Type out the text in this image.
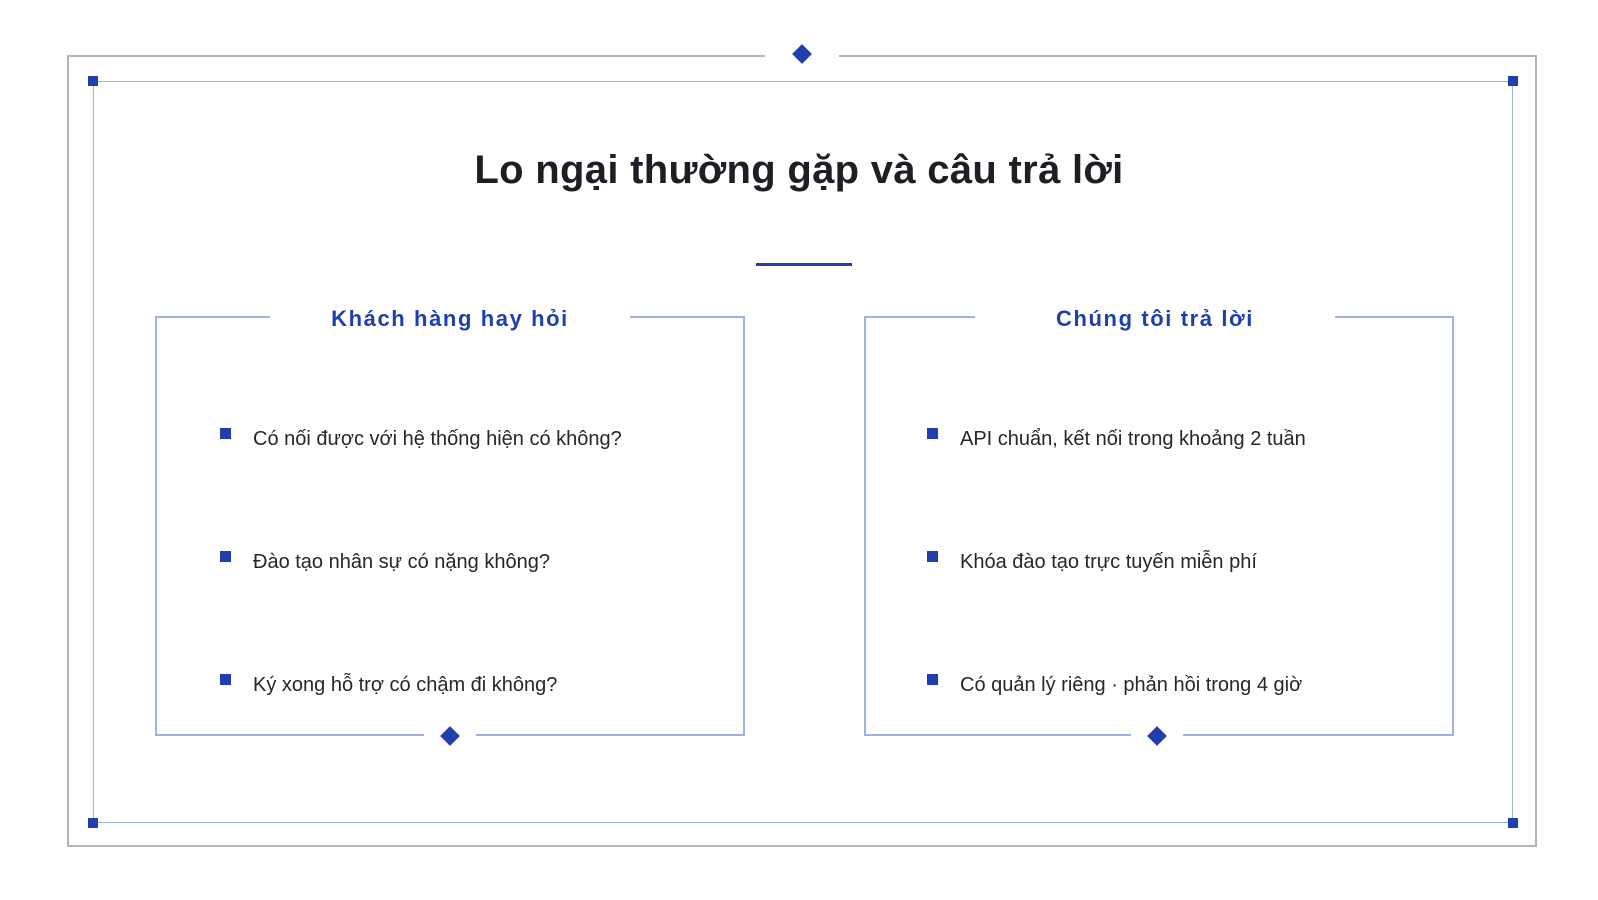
Lo ngại thường gặp và câu trả lời
Khách hàng hay hỏi
Có nối được với hệ thống hiện có không?
Đào tạo nhân sự có nặng không?
Ký xong hỗ trợ có chậm đi không?
Chúng tôi trả lời
API chuẩn, kết nối trong khoảng 2 tuần
Khóa đào tạo trực tuyến miễn phí
Có quản lý riêng · phản hồi trong 4 giờ
